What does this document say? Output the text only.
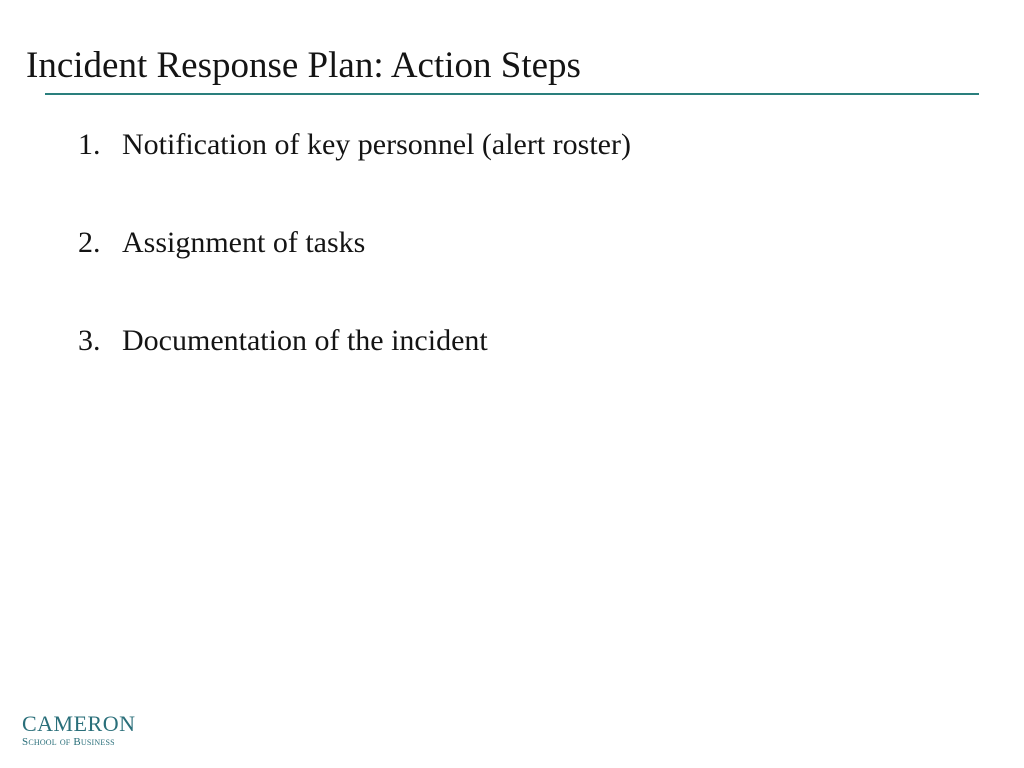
Incident Response Plan: Action Steps
1. Notification of key personnel (alert roster)
2. Assignment of tasks
3. Documentation of the incident
CAMERON
School of Business
